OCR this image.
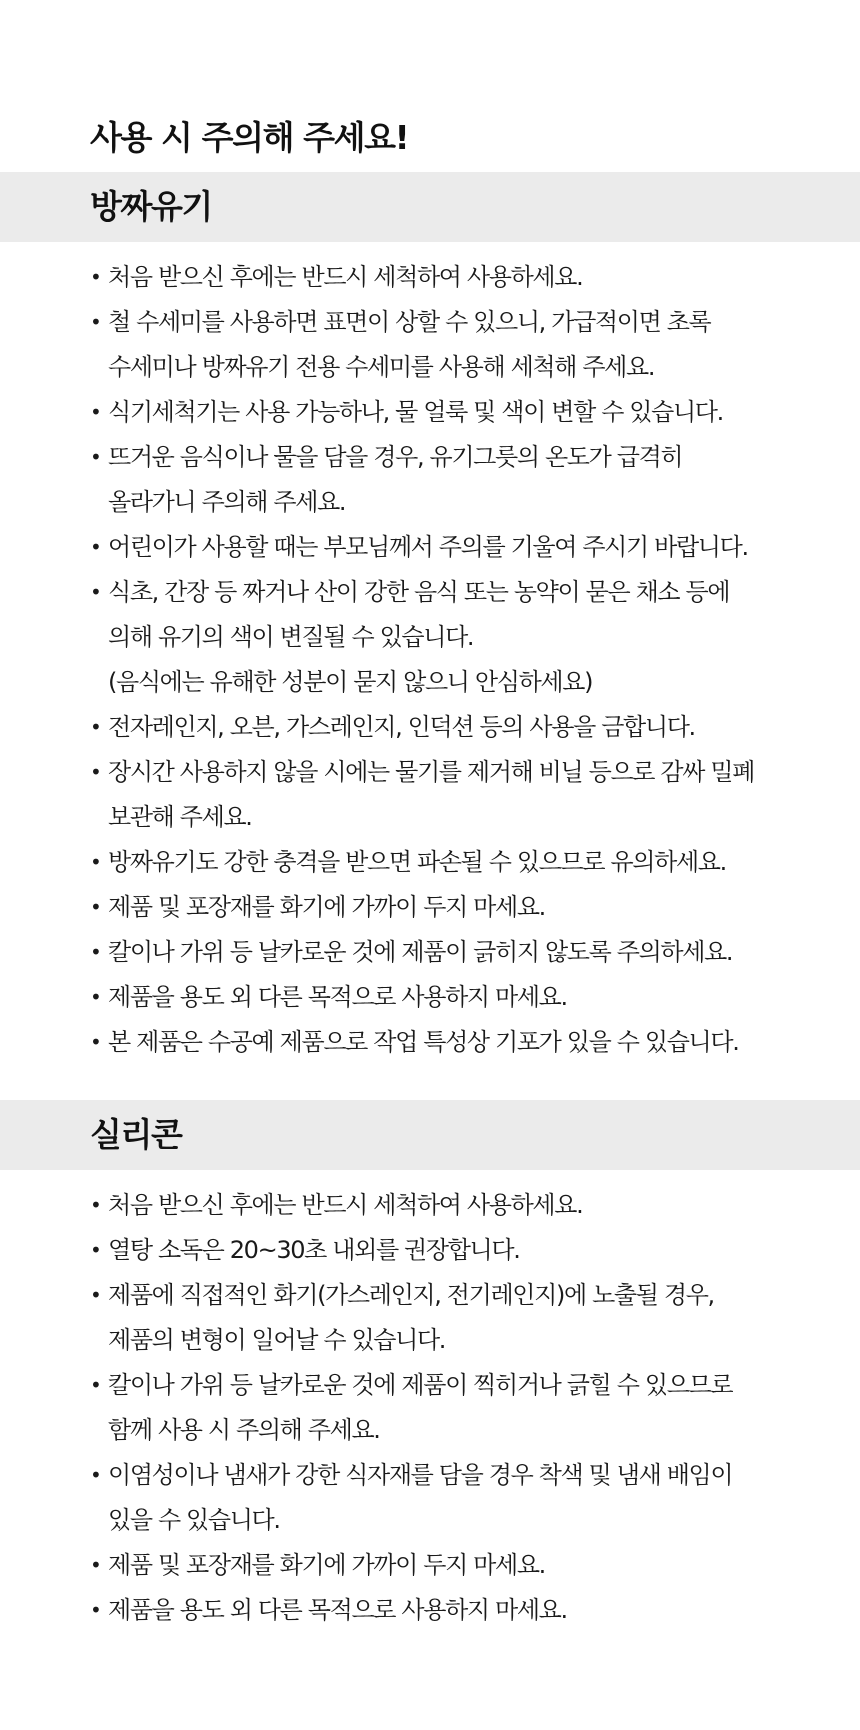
사용 시 주의해 주세요!
방짜유기
• 처음 받으신 후에는 반드시 세척하여 사용하세요.
• 철 수세미를 사용하면 표면이 상할 수 있으니, 가급적이면 초록
수세미나 방짜유기 전용 수세미를 사용해 세척해 주세요.
• 식기세척기는 사용 가능하나, 물 얼룩 및 색이 변할 수 있습니다.
• 뜨거운 음식이나 물을 담을 경우, 유기그릇의 온도가 급격히
올라가니 주의해 주세요.
• 어린이가 사용할 때는 부모님께서 주의를 기울여 주시기 바랍니다.
• 식초, 간장 등 짜거나 산이 강한 음식 또는 농약이 묻은 채소 등에
의해 유기의 색이 변질될 수 있습니다.
(음식에는 유해한 성분이 묻지 않으니 안심하세요)
• 전자레인지, 오븐, 가스레인지, 인덕션 등의 사용을 금합니다.
• 장시간 사용하지 않을 시에는 물기를 제거해 비닐 등으로 감싸 밀폐
보관해 주세요.
• 방짜유기도 강한 충격을 받으면 파손될 수 있으므로 유의하세요.
• 제품 및 포장재를 화기에 가까이 두지 마세요.
• 칼이나 가위 등 날카로운 것에 제품이 긁히지 않도록 주의하세요.
• 제품을 용도 외 다른 목적으로 사용하지 마세요.
• 본 제품은 수공예 제품으로 작업 특성상 기포가 있을 수 있습니다.
실리콘
• 처음 받으신 후에는 반드시 세척하여 사용하세요.
• 열탕 소독은 20~30초 내외를 권장합니다.
• 제품에 직접적인 화기(가스레인지, 전기레인지)에 노출될 경우,
제품의 변형이 일어날 수 있습니다.
• 칼이나 가위 등 날카로운 것에 제품이 찍히거나 긁힐 수 있으므로
함께 사용 시 주의해 주세요.
• 이염성이나 냄새가 강한 식자재를 담을 경우 착색 및 냄새 배임이
있을 수 있습니다.
• 제품 및 포장재를 화기에 가까이 두지 마세요.
• 제품을 용도 외 다른 목적으로 사용하지 마세요.
